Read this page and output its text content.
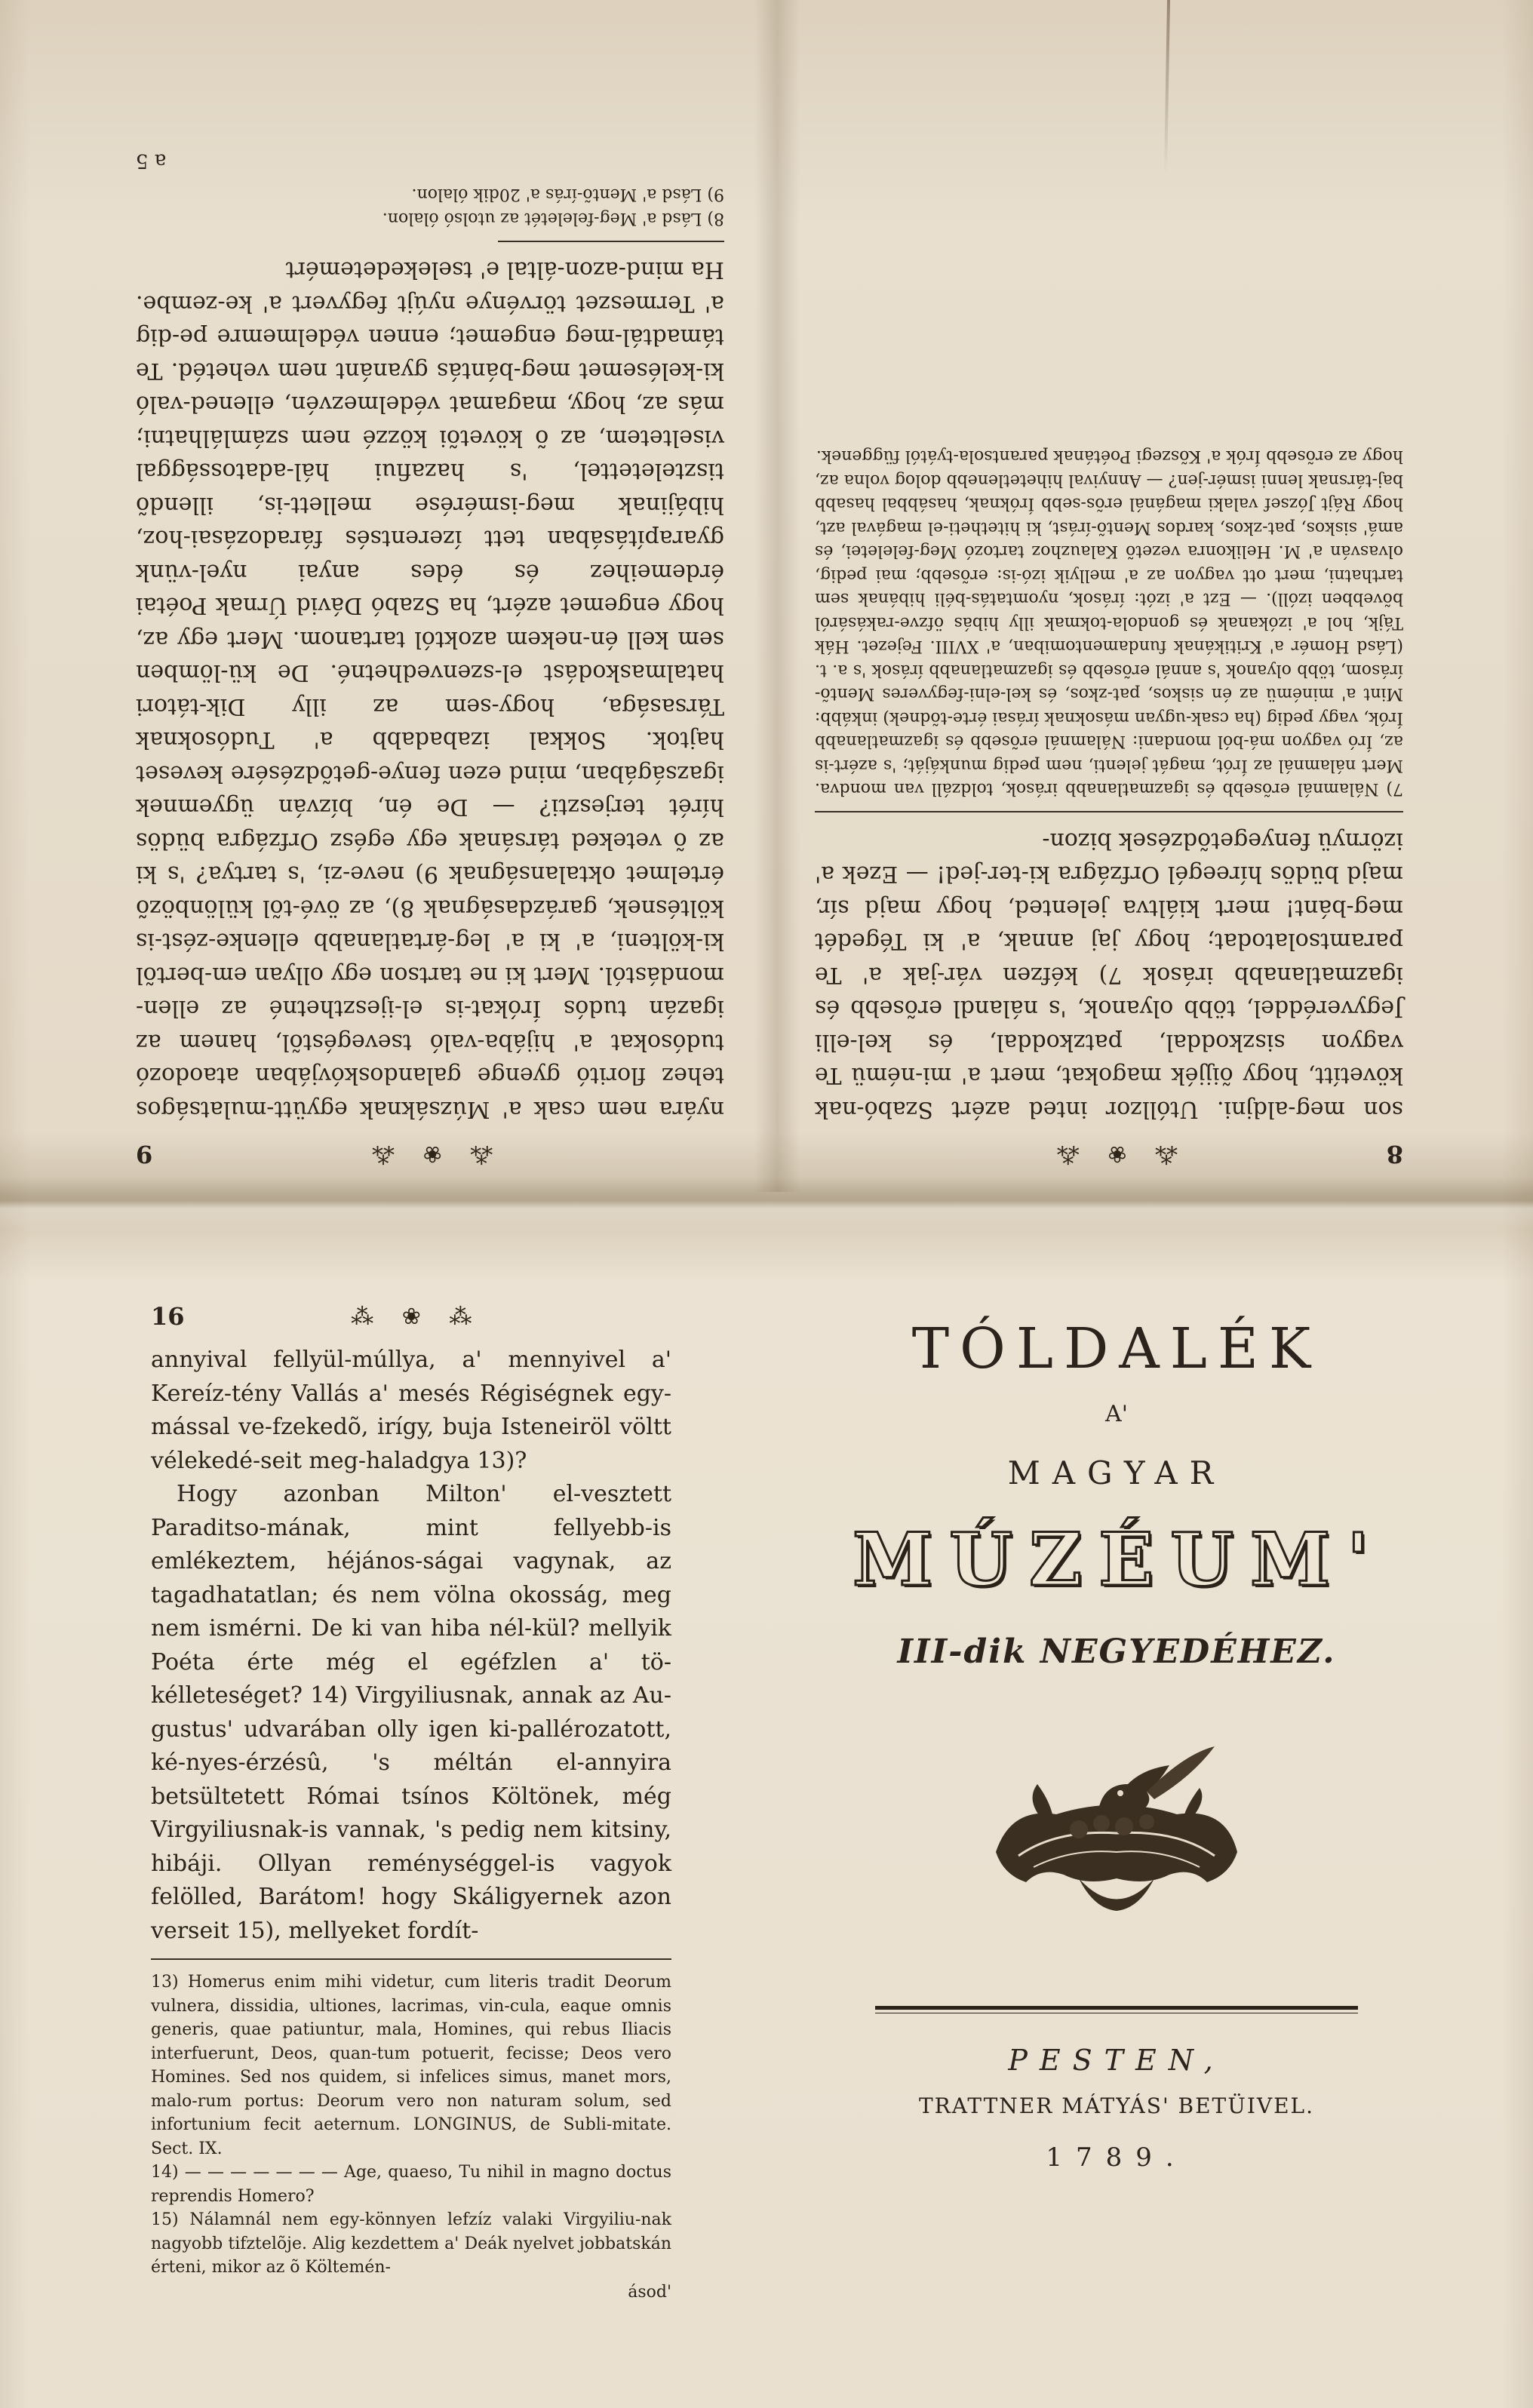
8
⁂ ❀ ⁂

son meg-aldjni. Utóllzor inted azért Szabó-nak követítt, hogy õijjék magokat, mert a' mi-némü Te vagyon siszkoddal, patzkoddal, és kel-elli Jegyveréddel, több olyanok, 's nálandl erõsebb és igazmatlanabb irások 7) kéfzen vár-jak a' Te paramtsolatodat; hogy jaj annak, a' ki Tégedét meg-bánt! mert kiáltva jelented, hogy majd sír, majd büdös híreegél Orfzágra ki-ter-jed! — Ezek a' izörnyü fenyegetõdzések bizon-

7) Nálamnál erõsebb és igazmatlanabb irások, toldzáll van mondva. Mert nálamnál az Írót, magát jelenti, nem pedig munkáját; 's azért-is az, Író vagyon má-ból mondani: Nálamnál erõsebb és igazmatlanabb Írók, vagy pedig (ha csak-ugyan másoknak írásai érte-tõdnek) inkább: Mint a' minémü az én siskos, pat-zkos, és kel-elni-fegyveres Mentõ-írásom, több olyanok 's annál erõsebb és igazmatlanabb írások 's a. t. (Lásd Homér a' Kritikának fundamentomiban, a' XVIII. Fejezet. Hák Tájk, hol a' izókanak és gondola-tokmak illy hibás öfzve-rakásáról bõvebben izóll). — Ezt a' izót: írások, nyomtatás-béli hibának sem tarthatni, mert ott vagyon az a' mellyik izó-is: erõsebb; mai pedig, olvasván a' M. Helikonra vezetõ Kalauzhoz tartozó Meg-feleletei, és amá' siskos, pat-zkos, kardos Mentõ-írást, ki hitetheti-el magával azt, hogy Rájt József valaki magánál erõs-sebb Íróknak, hasábbal hasabb baj-társnak lenni ismér-jen? — Annyival hihetetlenebb dolog volna az, hogy az erõsebb Írók a' Kõszegi Poétának parantsola-tyától függenek.

⁂ ❀ ⁂
9

nyára nem csak a' Múzsáknak együtt-mulatságos tehez floritó gyenge galandoskóvjában ataodozó tudósokat a' hijába-való tsevegéstõl, hanem az igazán tudós Írókat-is el-ijeszthetné az ellen-mondástól. Mert ki ne tartson egy ollyan em-bertõl ki-költeni, a' ki a' leg-ártatlanabb ellenke-zést-is költésnek, garázdaságnak 8), az övé-tõl különbözõ értelmet oktalanságnak 9) neve-zi, 's tartya? 's ki az õ veteked társának egy egész Orfzágra büdös hírét terjeszti? — De én, bízván ügyemnek igazságában, mind ezen fenye-getõdzésére keveset hajtok. Sokkal izabadabb a' Tudósoknak Társasága, hogy-sem az illy Dik-tátori hatalmaskodást el-szenvedhetné. De kü-lömben sem kell én-nekem azoktól tartanom. Mert egy az, hogy engemet azért, ha Szabó Dávid Úrnak Poétai érdemeihez és édes anyai nyel-vünk gyarapításában tett ízerentsés fáradozásai-hoz, hibájinak meg-ismérése mellett-is, illendõ tiszteletettel, 's hazafiui hál-adatossággal viseltetem, az õ követõi közzé nem számlálhatni; más az, hogy, magamat védelmezvén, ellened-való ki-kelésemet meg-bántás gyanánt nem vehetéd. Te támadtál-meg engemet; ennen védelmemre pe-dig a' Termeszet törvénye nyújt fegyvert a' ke-zembe. Ha mind-azon-által e' tselekedetemért

8) Lásd a' Meg-feleletét az utolsó ólalon.

9) Lásd a' Mentõ-írás a' 20dik ólalon.

a 5
16	⁂ ❀ ⁂

annyival fellyül-múllya, a' mennyivel a' Kereíz-tény Vallás a' mesés Régiségnek egy-mással ve-fzekedõ, irígy, buja Isteneiröl völtt vélekedé-seit meg-haladgya 13)?

Hogy azonban Milton' el-vesztett Paraditso-mának, mint fellyebb-is emlékeztem, héjános-ságai vagynak, az tagadhatatlan; és nem völna okosság, meg nem ismérni. De ki van hiba nél-kül? mellyik Poéta érte még el egéfzlen a' tö-kélleteséget? 14) Virgyiliusnak, annak az Au-gustus' udvarában olly igen ki-pallérozatott, ké-nyes-érzésû, 's méltán el-annyira betsültetett Római tsínos Költönek, még Virgyiliusnak-is vannak, 's pedig nem kitsiny, hibáji. Ollyan reménységgel-is vagyok felölled, Barátom! hogy Skáligyernek azon verseit 15), mellyeket fordít-

13) Homerus enim mihi videtur, cum literis tradit Deorum vulnera, dissidia, ultiones, lacrimas, vin-cula, eaque omnis generis, quae patiuntur, mala, Homines, qui rebus Iliacis interfuerunt, Deos, quan-tum potuerit, fecisse; Deos vero Homines. Sed nos quidem, si infelices simus, manet mors, malo-rum portus: Deorum vero non naturam solum, sed infortunium fecit aeternum. LONGINUS, de Subli-mitate. Sect. IX.

14) — — — — — — — Age, quaeso, Tu nihil in magno doctus reprendis Homero?

15) Nálamnál nem egy-könnyen lefzíz valaki Virgyiliu-nak nagyobb tifztelõje. Alig kezdettem a' Deák nyelvet jobbatskán érteni, mikor az õ Költemén-

ásod'
TÓLDALÉK
A'
MAGYAR
MÚZÉUM'
III-dik NEGYEDÉHEZ.
PESTEN,
TRATTNER MÁTYÁS' BETÜIVEL.
1789.
